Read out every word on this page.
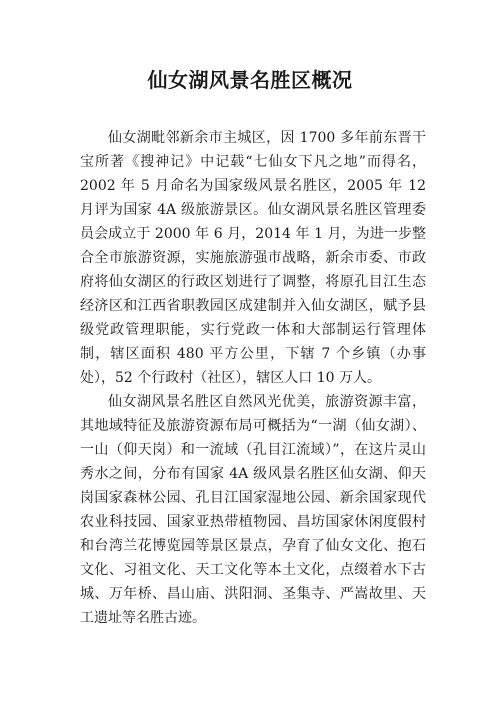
仙女湖风景名胜区概况

仙女湖毗邻新余市主城区，因 1700 多年前东晋干宝所著《搜神记》中记载“七仙女下凡之地”而得名，2002 年 5 月命名为国家级风景名胜区，2005 年 12 月评为国家 4A 级旅游景区。仙女湖风景名胜区管理委员会成立于 2000 年 6 月，2014 年 1 月，为进一步整合全市旅游资源，实施旅游强市战略，新余市委、市政府将仙女湖区的行政区划进行了调整，将原孔目江生态经济区和江西省职教园区成建制并入仙女湖区，赋予县级党政管理职能，实行党政一体和大部制运行管理体制，辖区面积 480 平方公里，下辖 7 个乡镇（办事处），52 个行政村（社区），辖区人口 10 万人。

仙女湖风景名胜区自然风光优美，旅游资源丰富，其地域特征及旅游资源布局可概括为“一湖（仙女湖）、一山（仰天岗）和一流域（孔目江流域）”，在这片灵山秀水之间，分布有国家 4A 级风景名胜区仙女湖、仰天岗国家森林公园、孔目江国家湿地公园、新余国家现代农业科技园、国家亚热带植物园、昌坊国家休闲度假村和台湾兰花博览园等景区景点，孕育了仙女文化、抱石文化、习祖文化、天工文化等本土文化，点缀着水下古城、万年桥、昌山庙、洪阳洞、圣集寺、严嵩故里、天工遗址等名胜古迹。
